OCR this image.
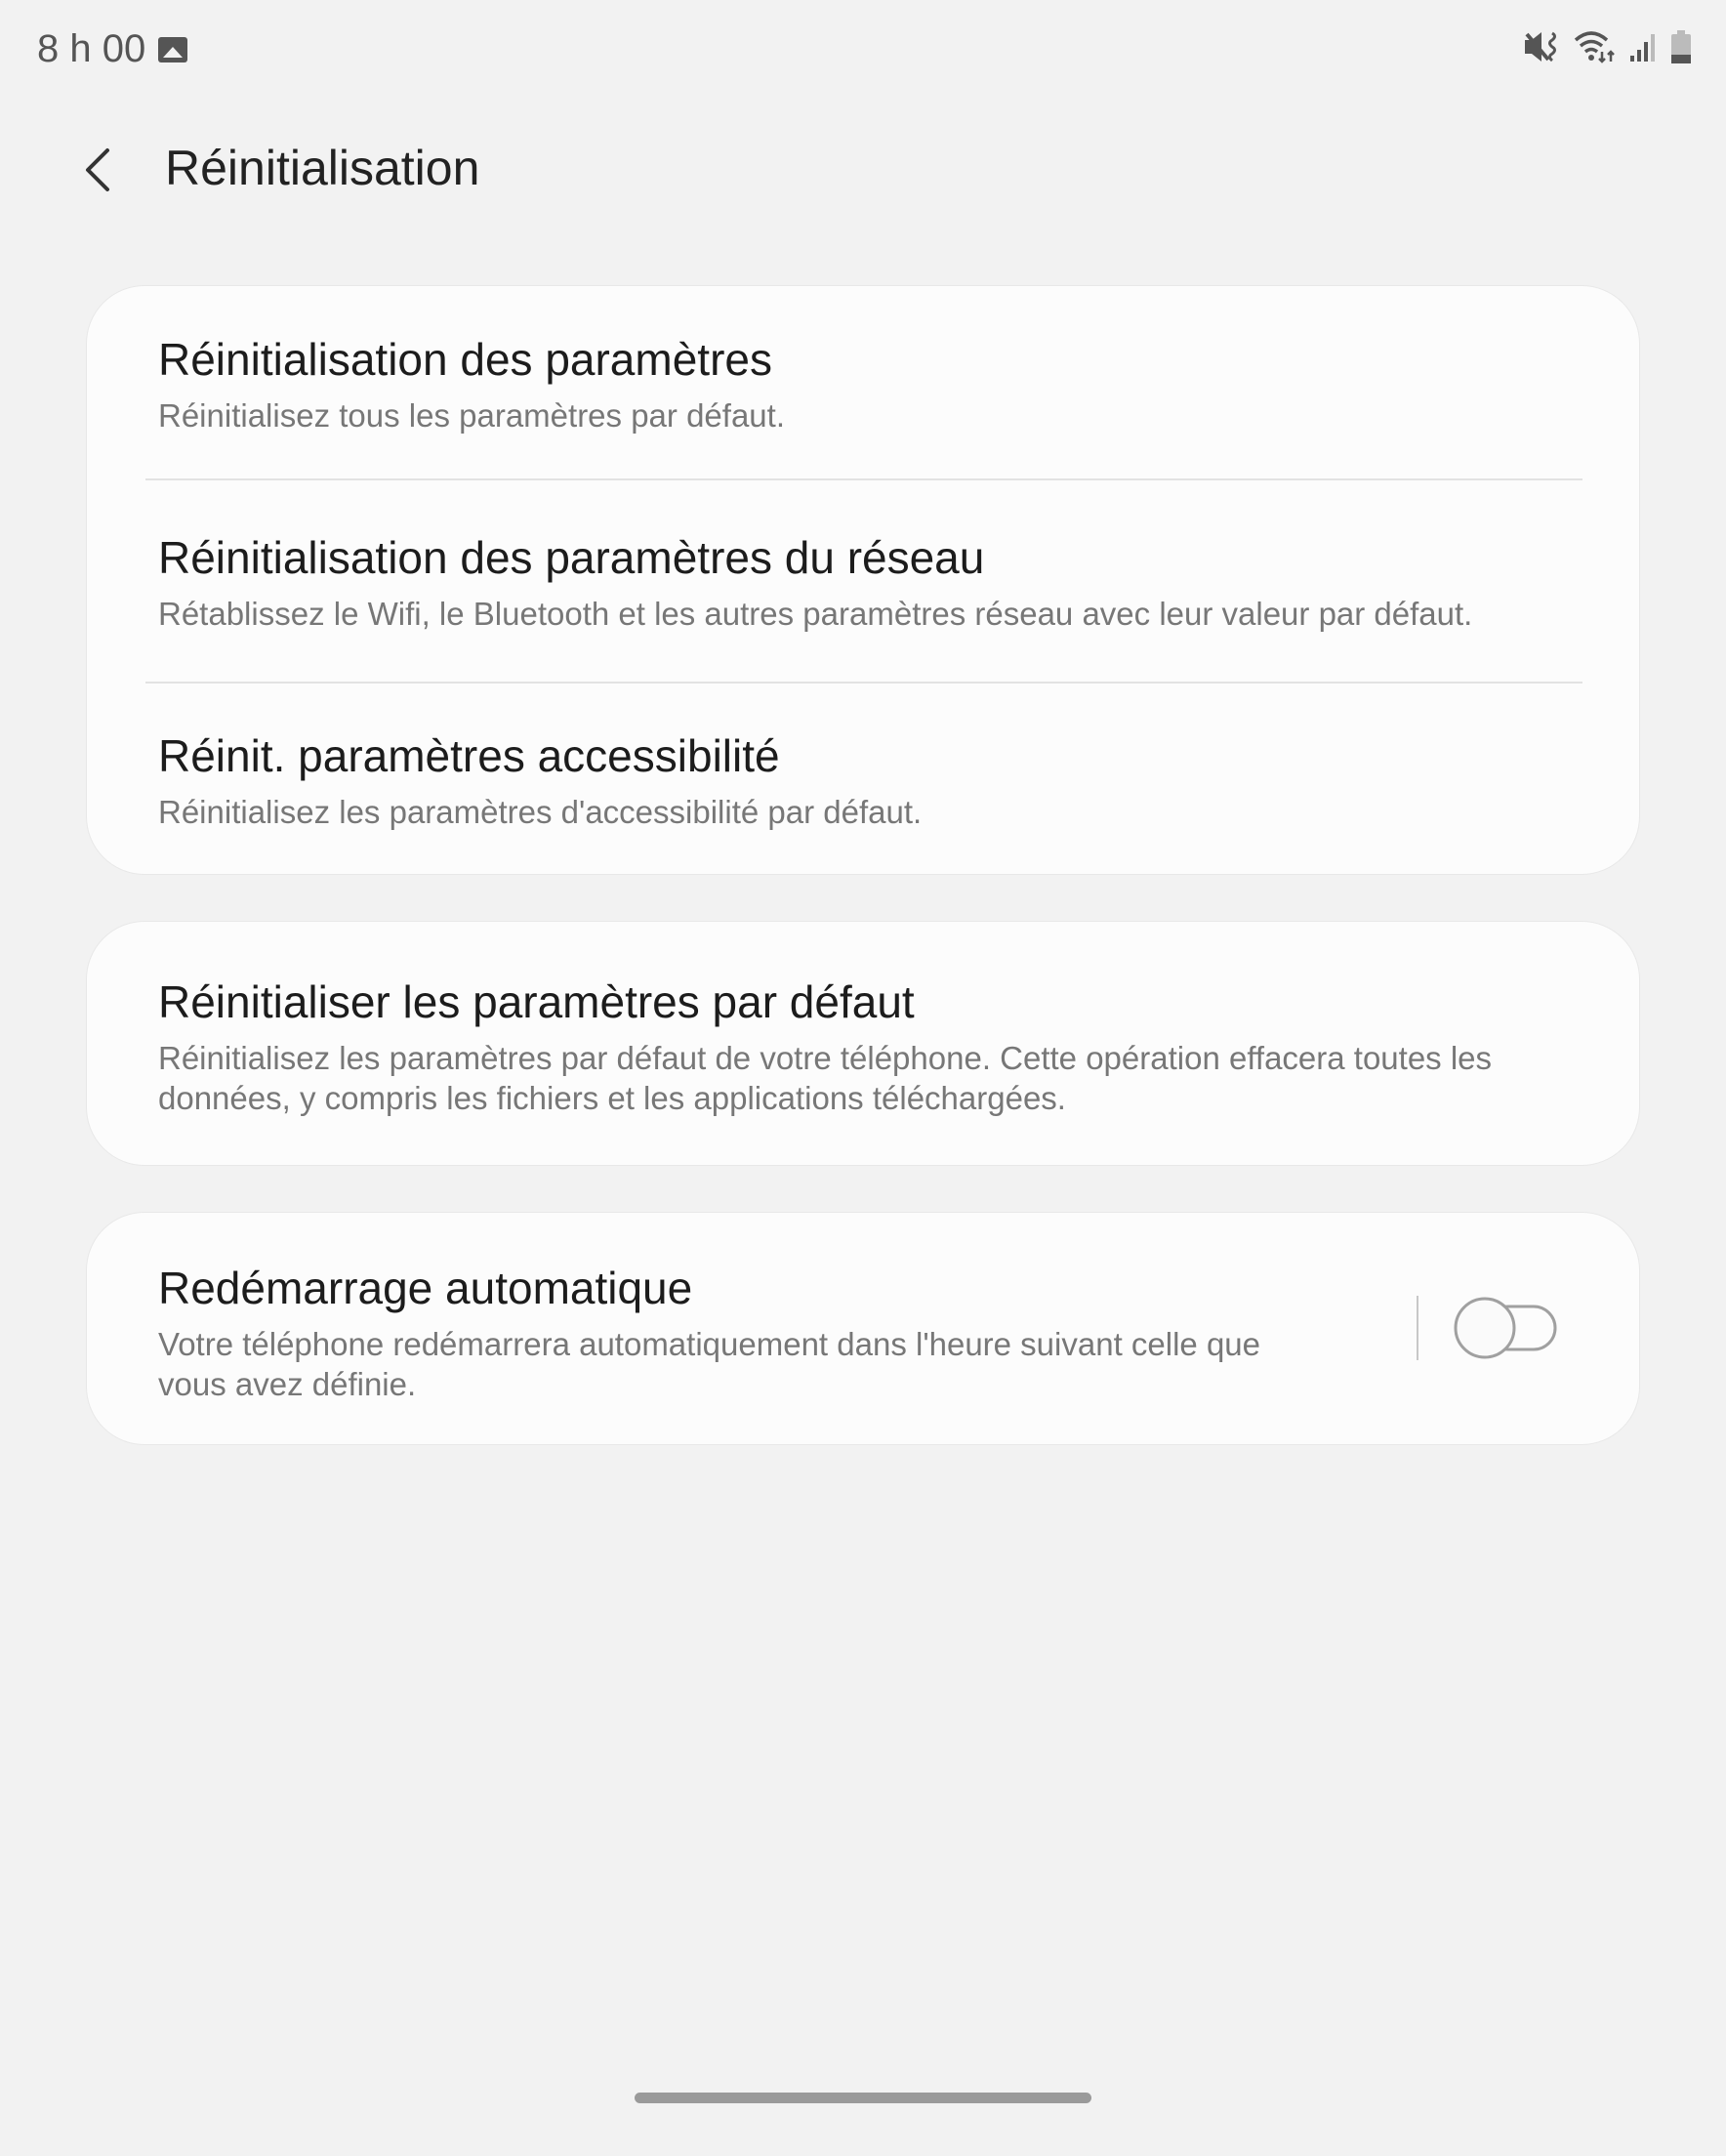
8 h 00
Réinitialisation
Réinitialisation des paramètres
Réinitialisez tous les paramètres par défaut.
Réinitialisation des paramètres du réseau
Rétablissez le Wifi, le Bluetooth et les autres paramètres réseau avec leur valeur par défaut.
Réinit. paramètres accessibilité
Réinitialisez les paramètres d'accessibilité par défaut.
Réinitialiser les paramètres par défaut
Réinitialisez les paramètres par défaut de votre téléphone. Cette opération effacera toutes les données, y compris les fichiers et les applications téléchargées.
Redémarrage automatique
Votre téléphone redémarrera automatiquement dans l'heure suivant celle que vous avez définie.
